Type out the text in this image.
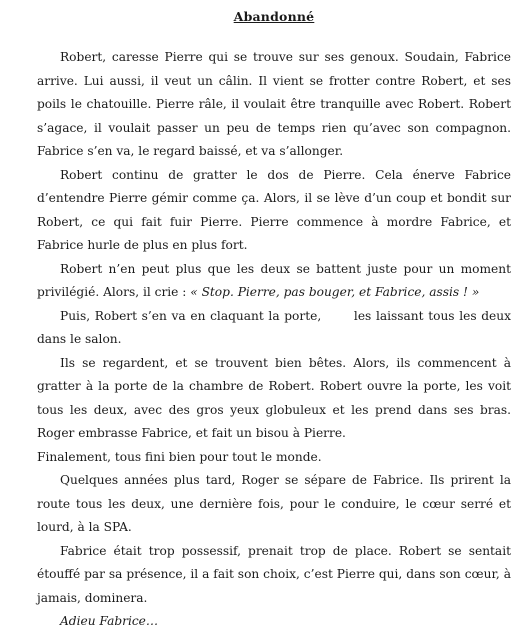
Abandonné

Robert, caresse Pierre qui se trouve sur ses genoux. Soudain, Fabrice arrive. Lui aussi, il veut un câlin. Il vient se frotter contre Robert, et ses poils le chatouille. Pierre râle, il voulait être tranquille avec Robert. Robert s’agace, il voulait passer un peu de temps rien qu’avec son compagnon. Fabrice s’en va, le regard baissé, et va s’allonger.

Robert continu de gratter le dos de Pierre. Cela énerve Fabrice d’entendre Pierre gémir comme ça. Alors, il se lève d’un coup et bondit sur Robert, ce qui fait fuir Pierre. Pierre commence à mordre Fabrice, et Fabrice hurle de plus en plus fort.

Robert n’en peut plus que les deux se battent juste pour un moment privilégié. Alors, il crie : « Stop. Pierre, pas bouger, et Fabrice, assis ! »

Puis, Robert s’en va en claquant la porte,       les laissant tous les deux dans le salon.

Ils se regardent, et se trouvent bien bêtes. Alors, ils commencent à gratter à la porte de la chambre de Robert. Robert ouvre la porte, les voit tous les deux, avec des gros yeux globuleux et les prend dans ses bras. Roger embrasse Fabrice, et fait un bisou à Pierre.

Finalement, tous fini bien pour tout le monde.

Quelques années plus tard, Roger se sépare de Fabrice. Ils prirent la route tous les deux, une dernière fois, pour le conduire, le cœur serré et lourd, à la SPA.

Fabrice était trop possessif, prenait trop de place. Robert se sentait étouffé par sa présence, il a fait son choix, c’est Pierre qui, dans son cœur, à jamais, dominera.

Adieu Fabrice…
